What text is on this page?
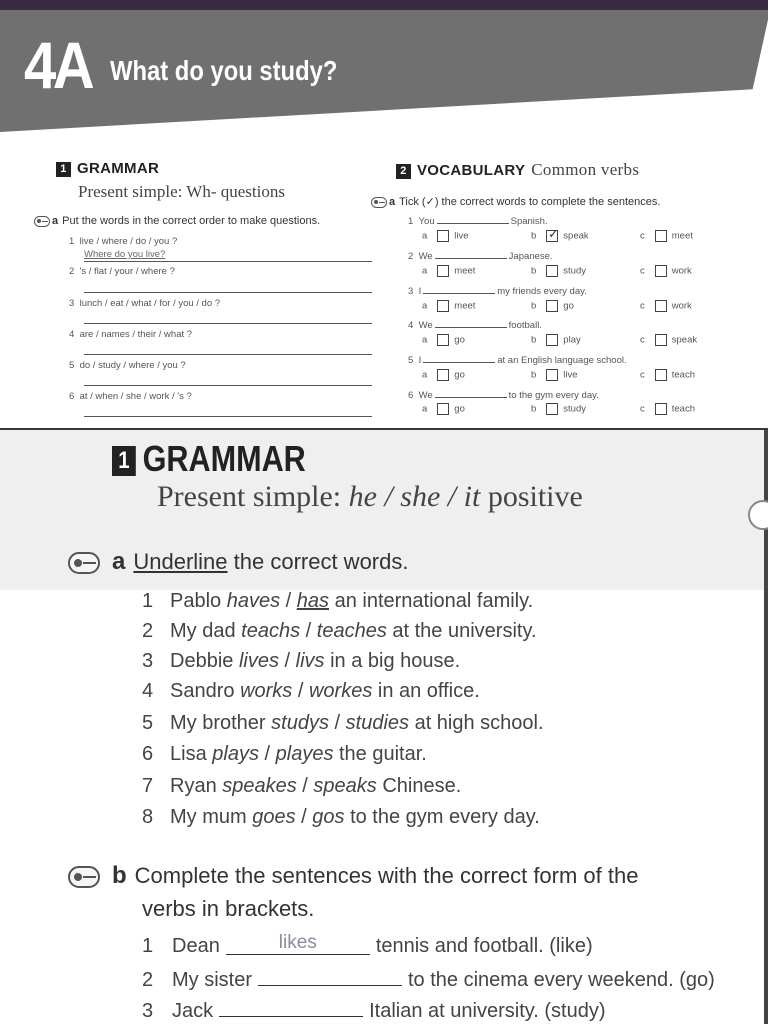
4A What do you study?
1 GRAMMAR
Present simple: Wh- questions
2 VOCABULARY Common verbs
a Put the words in the correct order to make questions.
a Tick (✓) the correct words to complete the sentences.
1 live / where / do / you ?
Where do you live?
2 's / flat / your / where ?
3 lunch / eat / what / for / you / do ?
4 are / names / their / what ?
5 do / study / where / you ?
6 at / when / she / work / 's ?
1 You	Spanish.
a	live	b✓	speak	c	meet
2 We	Japanese.
a	meet	b	study	c	work
3 I	my friends every day.
a	meet	b	go	c	work
4 We	football.
a	go	b	play	c	speak
5 I	at an English language school.
a	go	b	live	c	teach
6 We	to the gym every day.
a	go	b	study	c	teach
1 GRAMMAR
Present simple: he / she / it positive
a Underline the correct words.
1 Pablo haves / has an international family.
2 My dad teachs / teaches at the university.
3 Debbie lives / livs in a big house.
4 Sandro works / workes in an office.
5 My brother studys / studies at high school.
6 Lisa plays / playes the guitar.
7 Ryan speakes / speaks Chinese.
8 My mum goes / gos to the gym every day.
b Complete the sentences with the correct form of the
verbs in brackets.
1 Dean	likes	tennis and football. (like)
2 My sister	to the cinema every weekend. (go)
3 Jack	Italian at university. (study)
